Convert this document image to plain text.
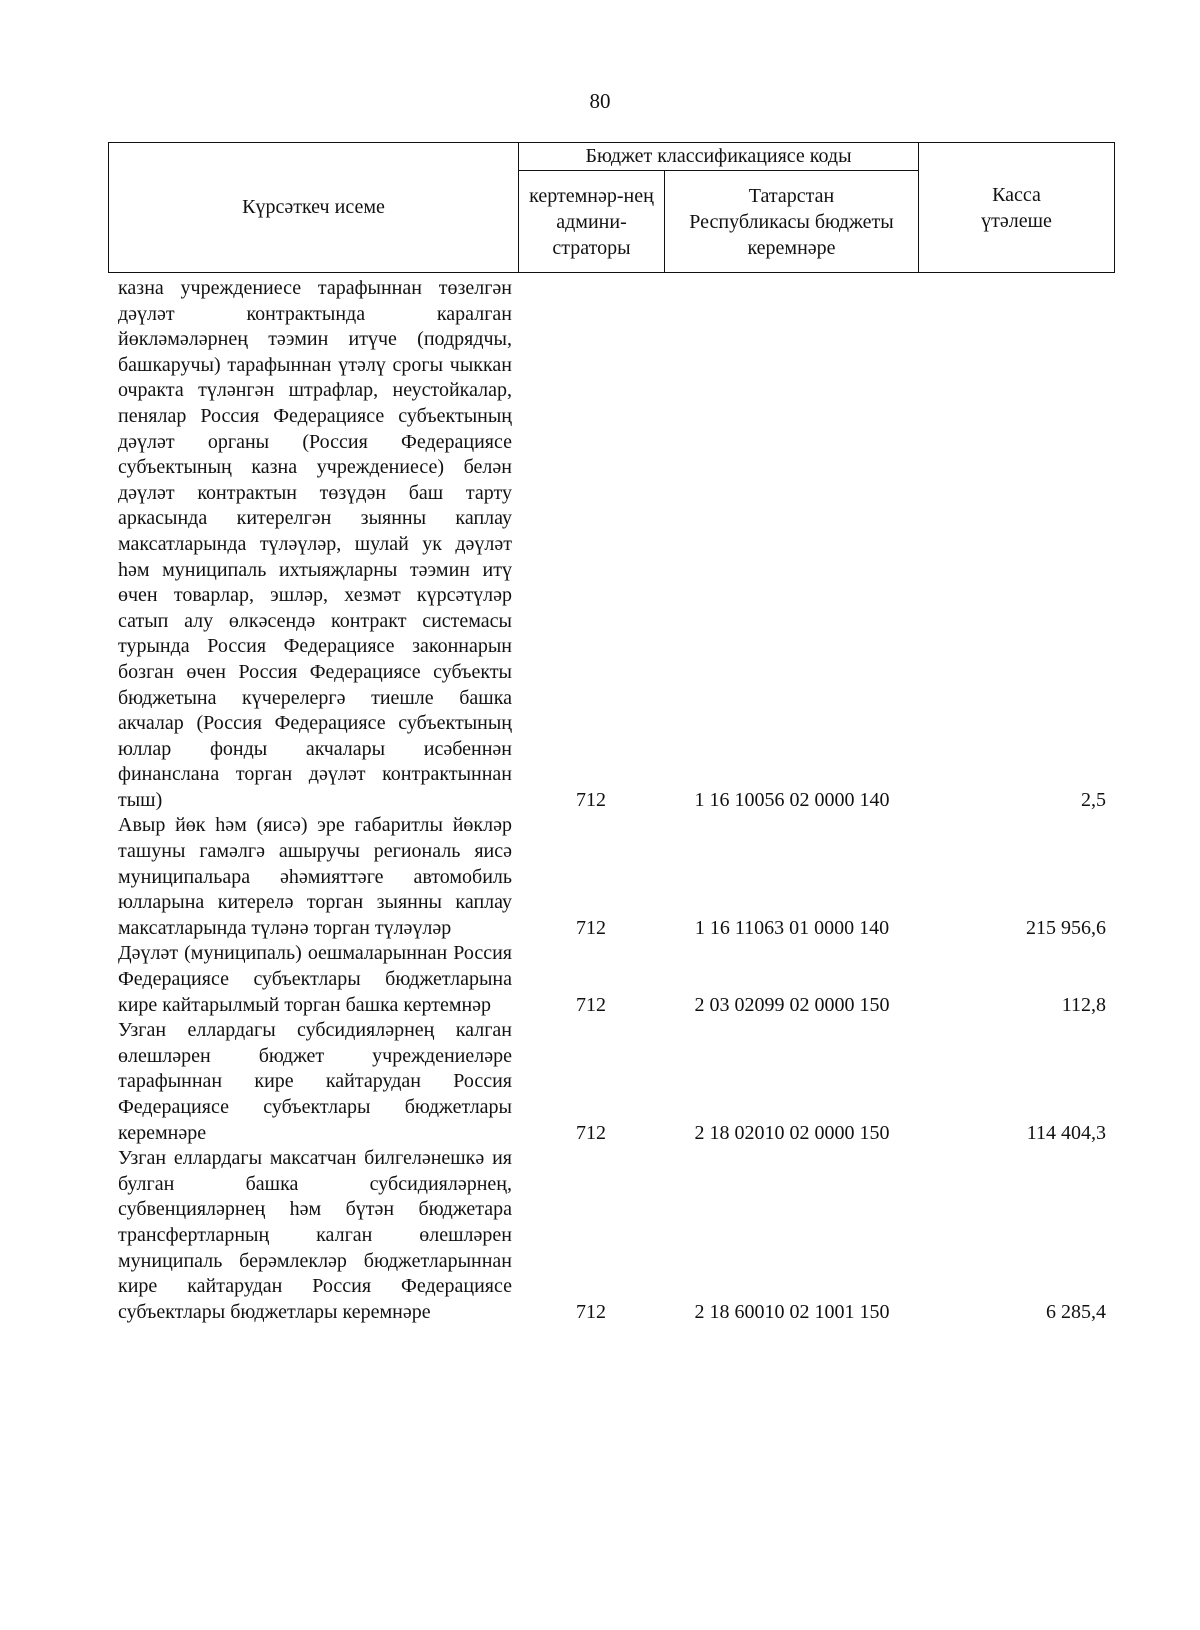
80
Күрсәткеч исеме	Бюджет классификациясе коды		Касса үтәлеше
	кертемнәр-нең админи-страторы	Татарстан Республикасы бюджеты керемнәре	
казна учреждениесе тарафыннан төзелгән дәүләт контрактында каралган йөкләмәләрнең тәэмин итүче (подрядчы, башкаручы) тарафыннан үтәлү срогы чыккан очракта түләнгән штрафлар, неустойкалар, пенялар Россия Федерациясе субъектының дәүләт органы (Россия Федерациясе субъектының казна учреждениесе) белән дәүләт контрактын төзүдән баш тарту аркасында китерелгән зыянны каплау максатларында түләүләр, шулай ук дәүләт һәм муниципаль ихтыяҗларны тәэмин итү өчен товарлар, эшләр, хезмәт күрсәтүләр сатып алу өлкәсендә контракт системасы турында Россия Федерациясе законнарын бозган өчен Россия Федерациясе субъекты бюджетына күчерелергә тиешле башка акчалар (Россия Федерациясе субъектының юллар фонды акчалары исәбеннән финанслана торган дәүләт контрактыннан тыш)	712	1 16 10056 02 0000 140	2,5

Авыр йөк һәм (яисә) эре габаритлы йөкләр ташуны гамәлгә ашыручы региональ яисә муниципальара әһәмияттәге автомобиль юлларына китерелә торган зыянны каплау максатларында түләнә торган түләүләр	712	1 16 11063 01 0000 140	215 956,6

Дәүләт (муниципаль) оешмаларыннан Россия Федерациясе субъектлары бюджетларына кире кайтарылмый торган башка кертемнәр	712	2 03 02099 02 0000 150	112,8

Узган еллардагы субсидияләрнең калган өлешләрен бюджет учреждениеләре тарафыннан кире кайтарудан Россия Федерациясе субъектлары бюджетлары керемнәре	712	2 18 02010 02 0000 150	114 404,3

Узган еллардагы максатчан билгеләнешкә ия булган башка субсидияләрнең, субвенцияләрнең һәм бүтән бюджетара трансфертларның калган өлешләрен муниципаль берәмлекләр бюджетларыннан кире кайтарудан Россия Федерациясе субъектлары бюджетлары керемнәре	712	2 18 60010 02 1001 150	6 285,4
